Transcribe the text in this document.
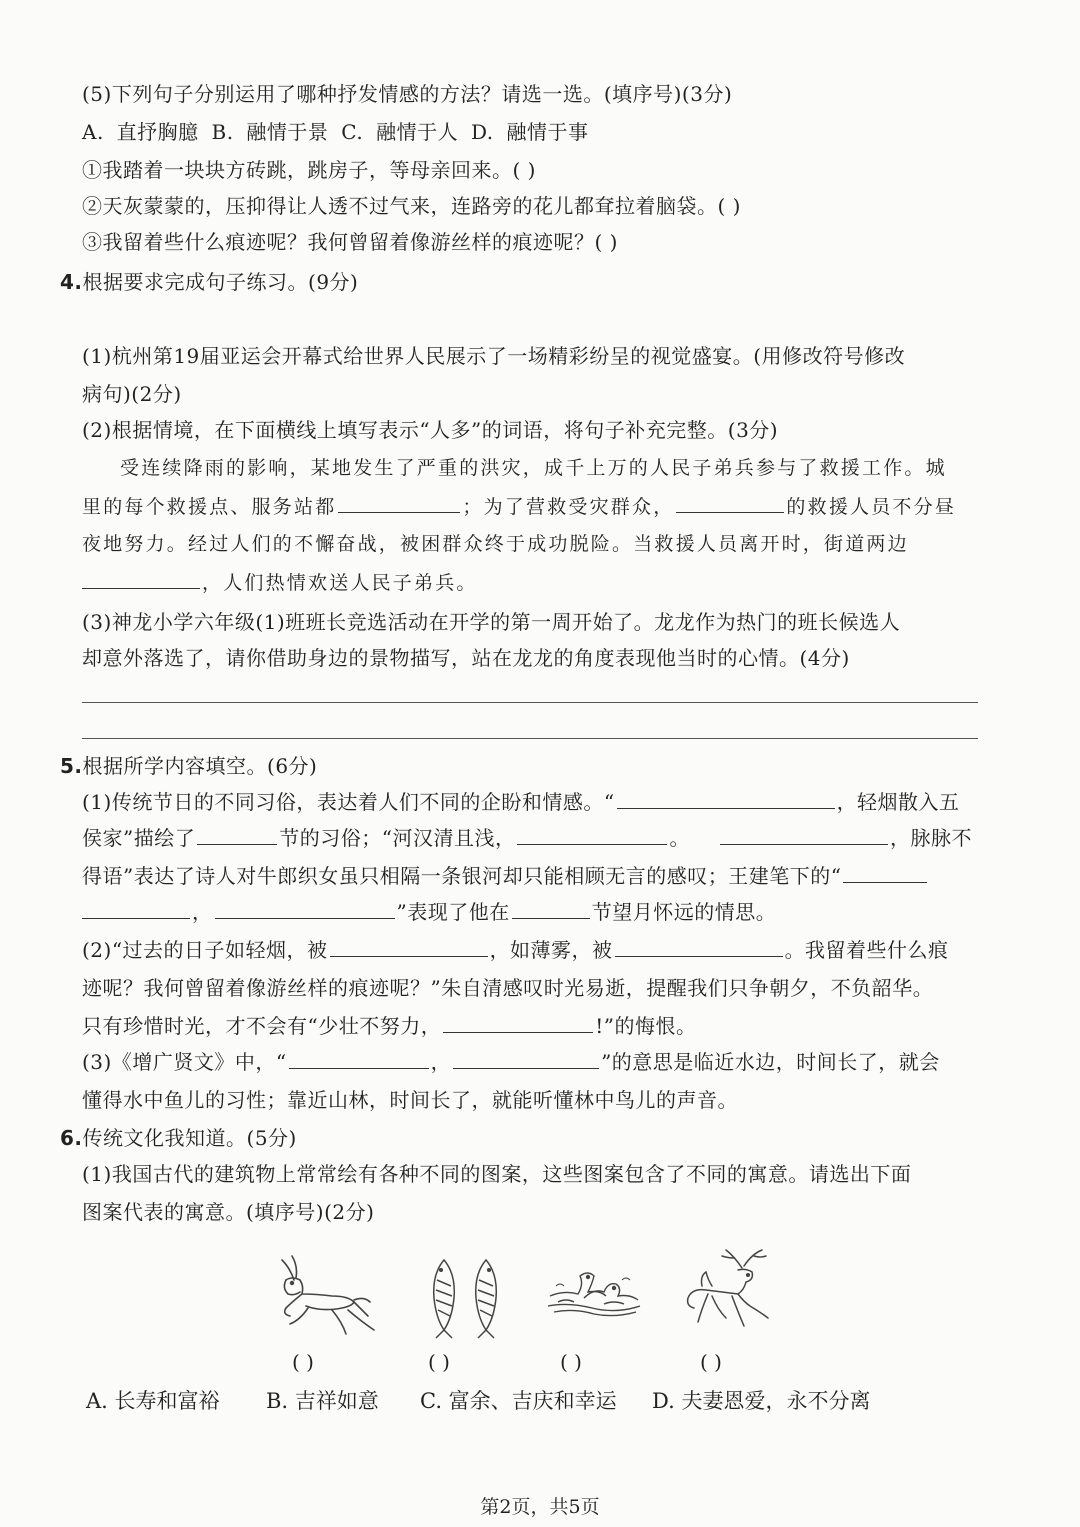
(5)下列句子分别运用了哪种抒发情感的方法？请选一选。(填序号)(3分)
A. 直抒胸臆 B. 融情于景 C. 融情于人 D. 融情于事
①我踏着一块块方砖跳，跳房子，等母亲回来。( )
②天灰蒙蒙的，压抑得让人透不过气来，连路旁的花儿都耷拉着脑袋。( )
③我留着些什么痕迹呢？我何曾留着像游丝样的痕迹呢？( )
4.根据要求完成句子练习。(9分)
(1)杭州第19届亚运会开幕式给世界人民展示了一场精彩纷呈的视觉盛宴。(用修改符号修改
病句)(2分)
(2)根据情境，在下面横线上填写表示“人多”的词语，将句子补充完整。(3分)
受连续降雨的影响，某地发生了严重的洪灾，成千上万的人民子弟兵参与了救援工作。城
里的每个救援点、服务站都	；为了营救受灾群众，	的救援人员不分昼
夜地努力。经过人们的不懈奋战，被困群众终于成功脱险。当救援人员离开时，街道两边
，人们热情欢送人民子弟兵。
(3)神龙小学六年级(1)班班长竞选活动在开学的第一周开始了。龙龙作为热门的班长候选人
却意外落选了，请你借助身边的景物描写，站在龙龙的角度表现他当时的心情。(4分)
5.根据所学内容填空。(6分)
(1)传统节日的不同习俗，表达着人们不同的企盼和情感。“	，轻烟散入五
侯家”描绘了	节的习俗；“河汉清且浅，	。	，脉脉不
得语”表达了诗人对牛郎织女虽只相隔一条银河却只能相顾无言的感叹；王建笔下的“
，	”表现了他在	节望月怀远的情思。
(2)“过去的日子如轻烟，被	，如薄雾，被	。我留着些什么痕
迹呢？我何曾留着像游丝样的痕迹呢？”朱自清感叹时光易逝，提醒我们只争朝夕，不负韶华。
只有珍惜时光，才不会有“少壮不努力，	!”的悔恨。
(3)《增广贤文》中，“	，	”的意思是临近水边，时间长了，就会
懂得水中鱼儿的习性；靠近山林，时间长了，就能听懂林中鸟儿的声音。
6.传统文化我知道。(5分)
(1)我国古代的建筑物上常常绘有各种不同的图案，这些图案包含了不同的寓意。请选出下面
图案代表的寓意。(填序号)(2分)
( )	( )	( )	( )
A. 长寿和富裕 B. 吉祥如意 C. 富余、吉庆和幸运 D. 夫妻恩爱，永不分离
第2页，共5页
